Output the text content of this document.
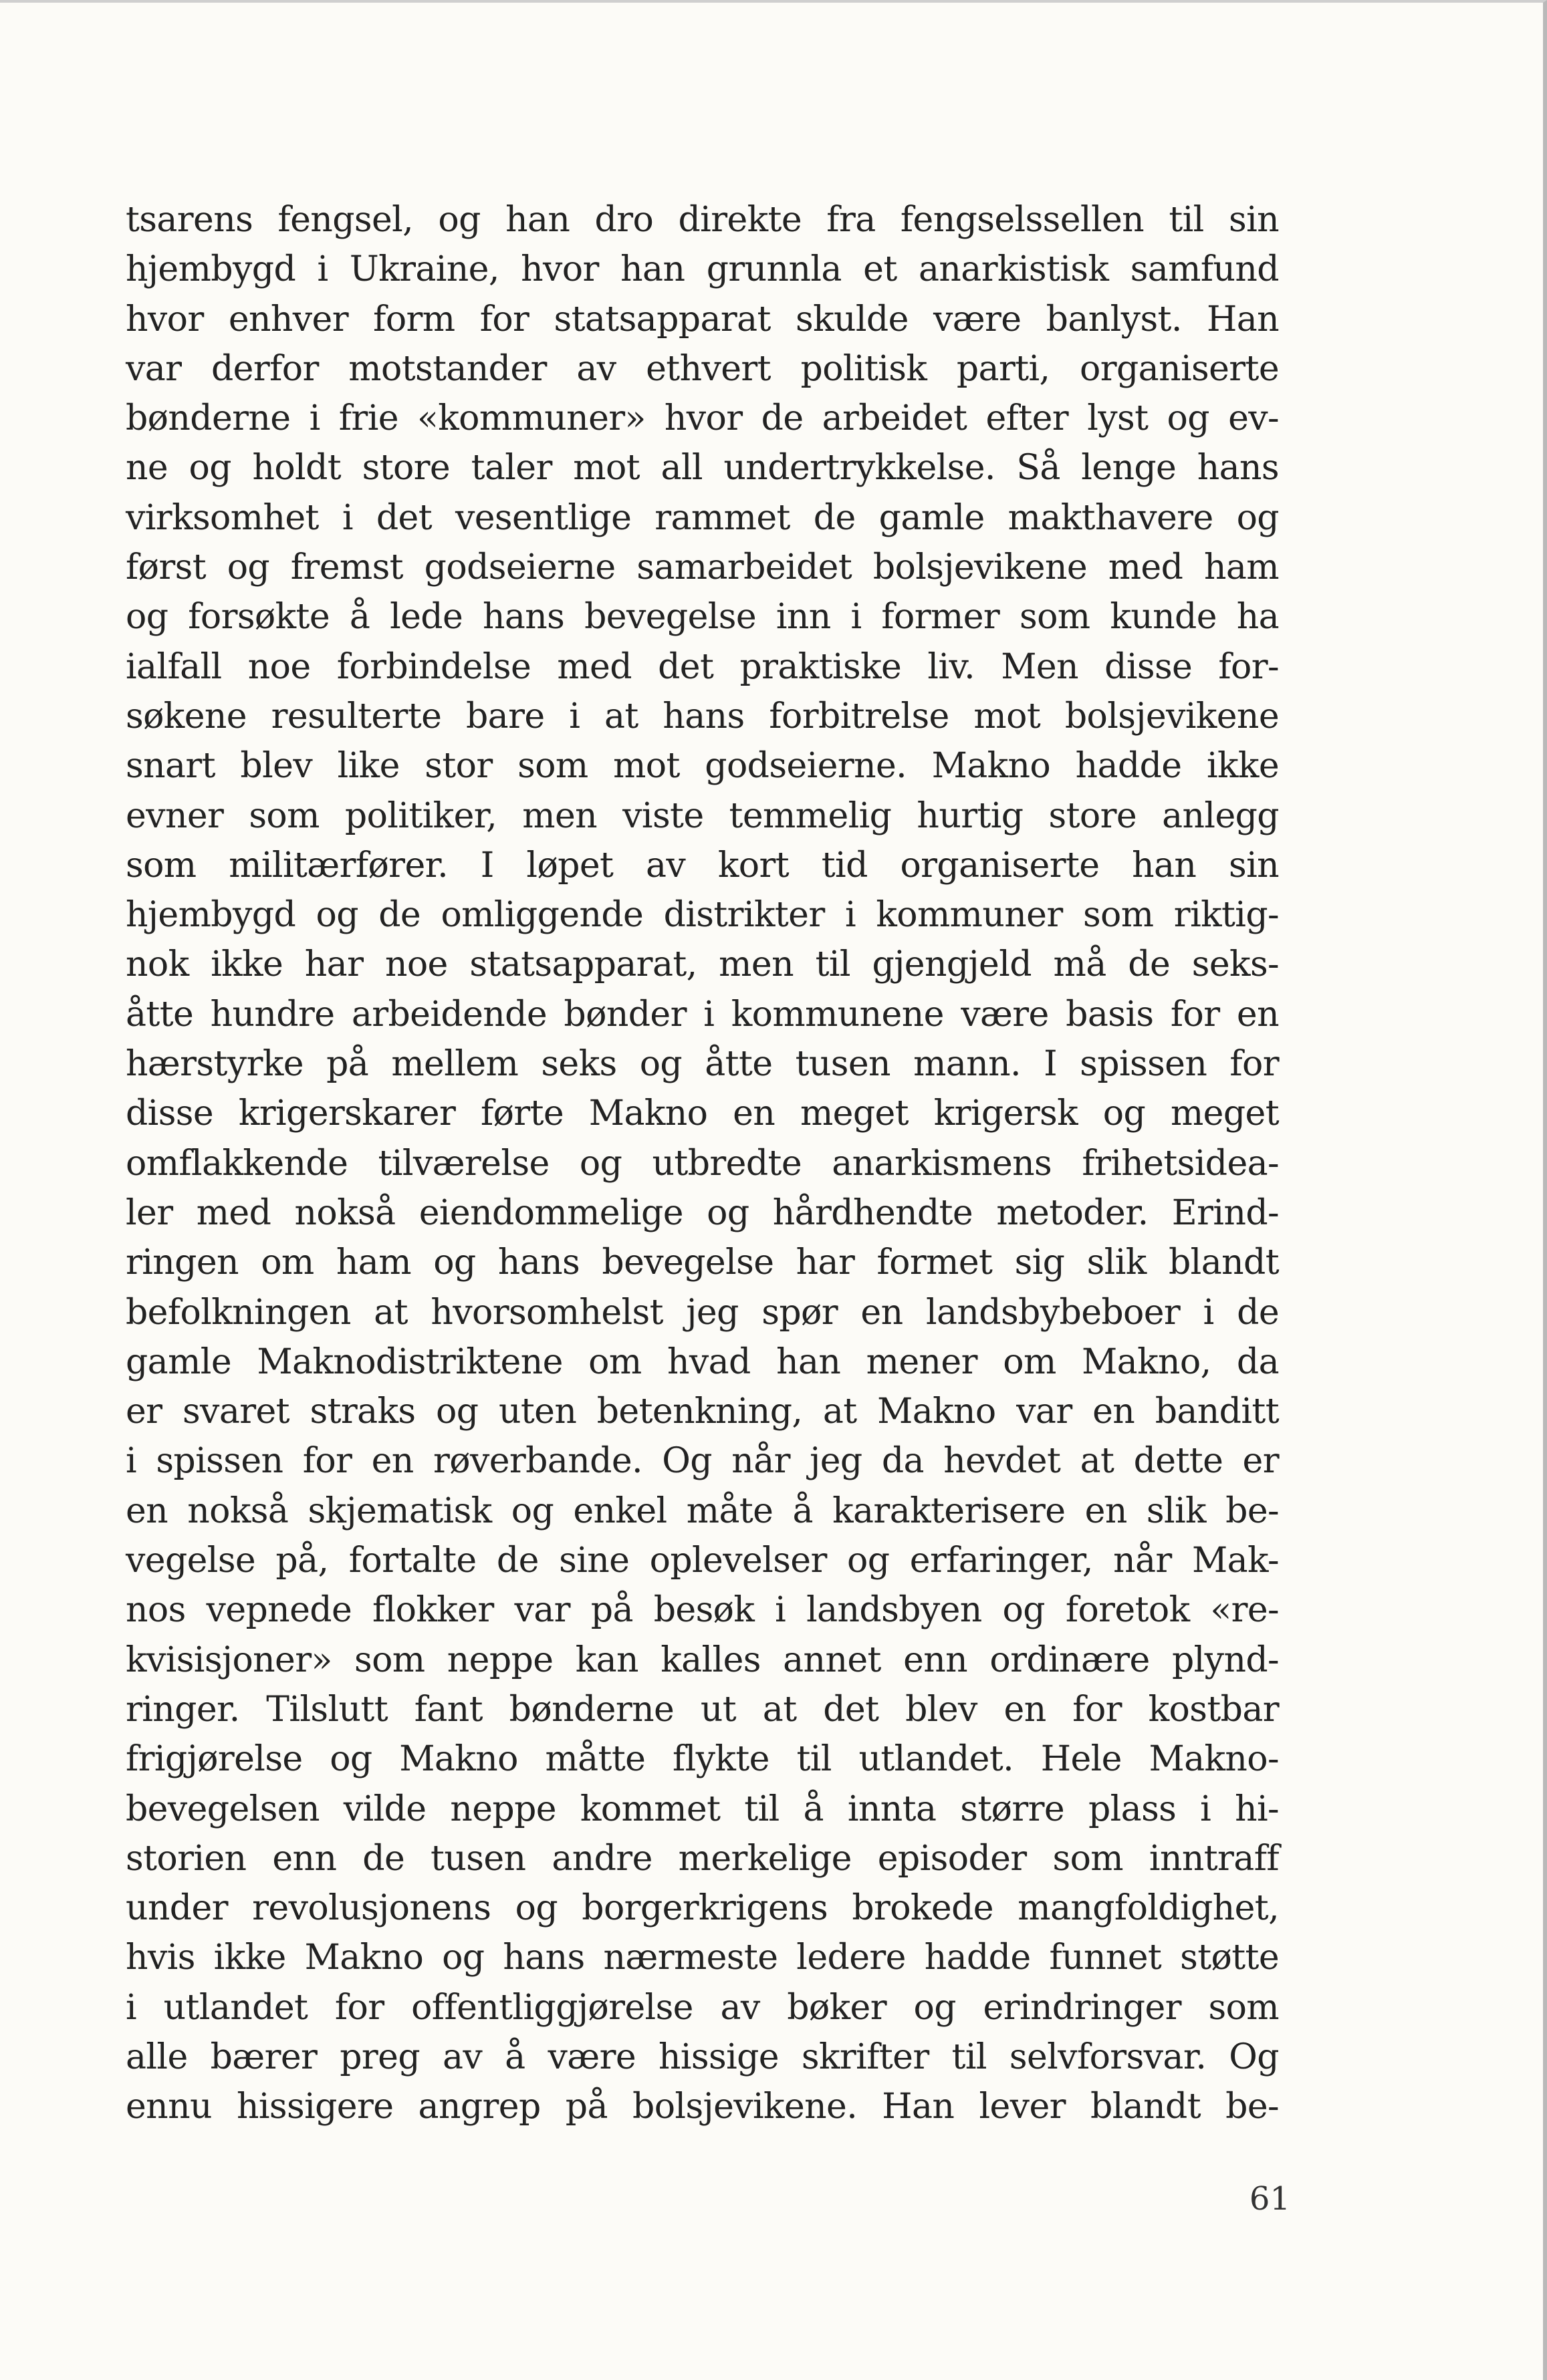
tsarens fengsel, og han dro direkte fra fengselssellen til sin
hjembygd i Ukraine, hvor han grunnla et anarkistisk samfund
hvor enhver form for statsapparat skulde være banlyst. Han
var derfor motstander av ethvert politisk parti, organiserte
bønderne i frie «kommuner» hvor de arbeidet efter lyst og ev-
ne og holdt store taler mot all undertrykkelse. Så lenge hans
virksomhet i det vesentlige rammet de gamle makthavere og
først og fremst godseierne samarbeidet bolsjevikene med ham
og forsøkte å lede hans bevegelse inn i former som kunde ha
ialfall noe forbindelse med det praktiske liv. Men disse for-
søkene resulterte bare i at hans forbitrelse mot bolsjevikene
snart blev like stor som mot godseierne. Makno hadde ikke
evner som politiker, men viste temmelig hurtig store anlegg
som militærfører. I løpet av kort tid organiserte han sin
hjembygd og de omliggende distrikter i kommuner som riktig-
nok ikke har noe statsapparat, men til gjengjeld må de seks-
åtte hundre arbeidende bønder i kommunene være basis for en
hærstyrke på mellem seks og åtte tusen mann. I spissen for
disse krigerskarer førte Makno en meget krigersk og meget
omflakkende tilværelse og utbredte anarkismens frihetsidea-
ler med nokså eiendommelige og hårdhendte metoder. Erind-
ringen om ham og hans bevegelse har formet sig slik blandt
befolkningen at hvorsomhelst jeg spør en landsbybeboer i de
gamle Maknodistriktene om hvad han mener om Makno, da
er svaret straks og uten betenkning, at Makno var en banditt
i spissen for en røverbande. Og når jeg da hevdet at dette er
en nokså skjematisk og enkel måte å karakterisere en slik be-
vegelse på, fortalte de sine oplevelser og erfaringer, når Mak-
nos vepnede flokker var på besøk i landsbyen og foretok «re-
kvisisjoner» som neppe kan kalles annet enn ordinære plynd-
ringer. Tilslutt fant bønderne ut at det blev en for kostbar
frigjørelse og Makno måtte flykte til utlandet. Hele Makno-
bevegelsen vilde neppe kommet til å innta større plass i hi-
storien enn de tusen andre merkelige episoder som inntraff
under revolusjonens og borgerkrigens brokede mangfoldighet,
hvis ikke Makno og hans nærmeste ledere hadde funnet støtte
i utlandet for offentliggjørelse av bøker og erindringer som
alle bærer preg av å være hissige skrifter til selvforsvar. Og
ennu hissigere angrep på bolsjevikene. Han lever blandt be-
61
